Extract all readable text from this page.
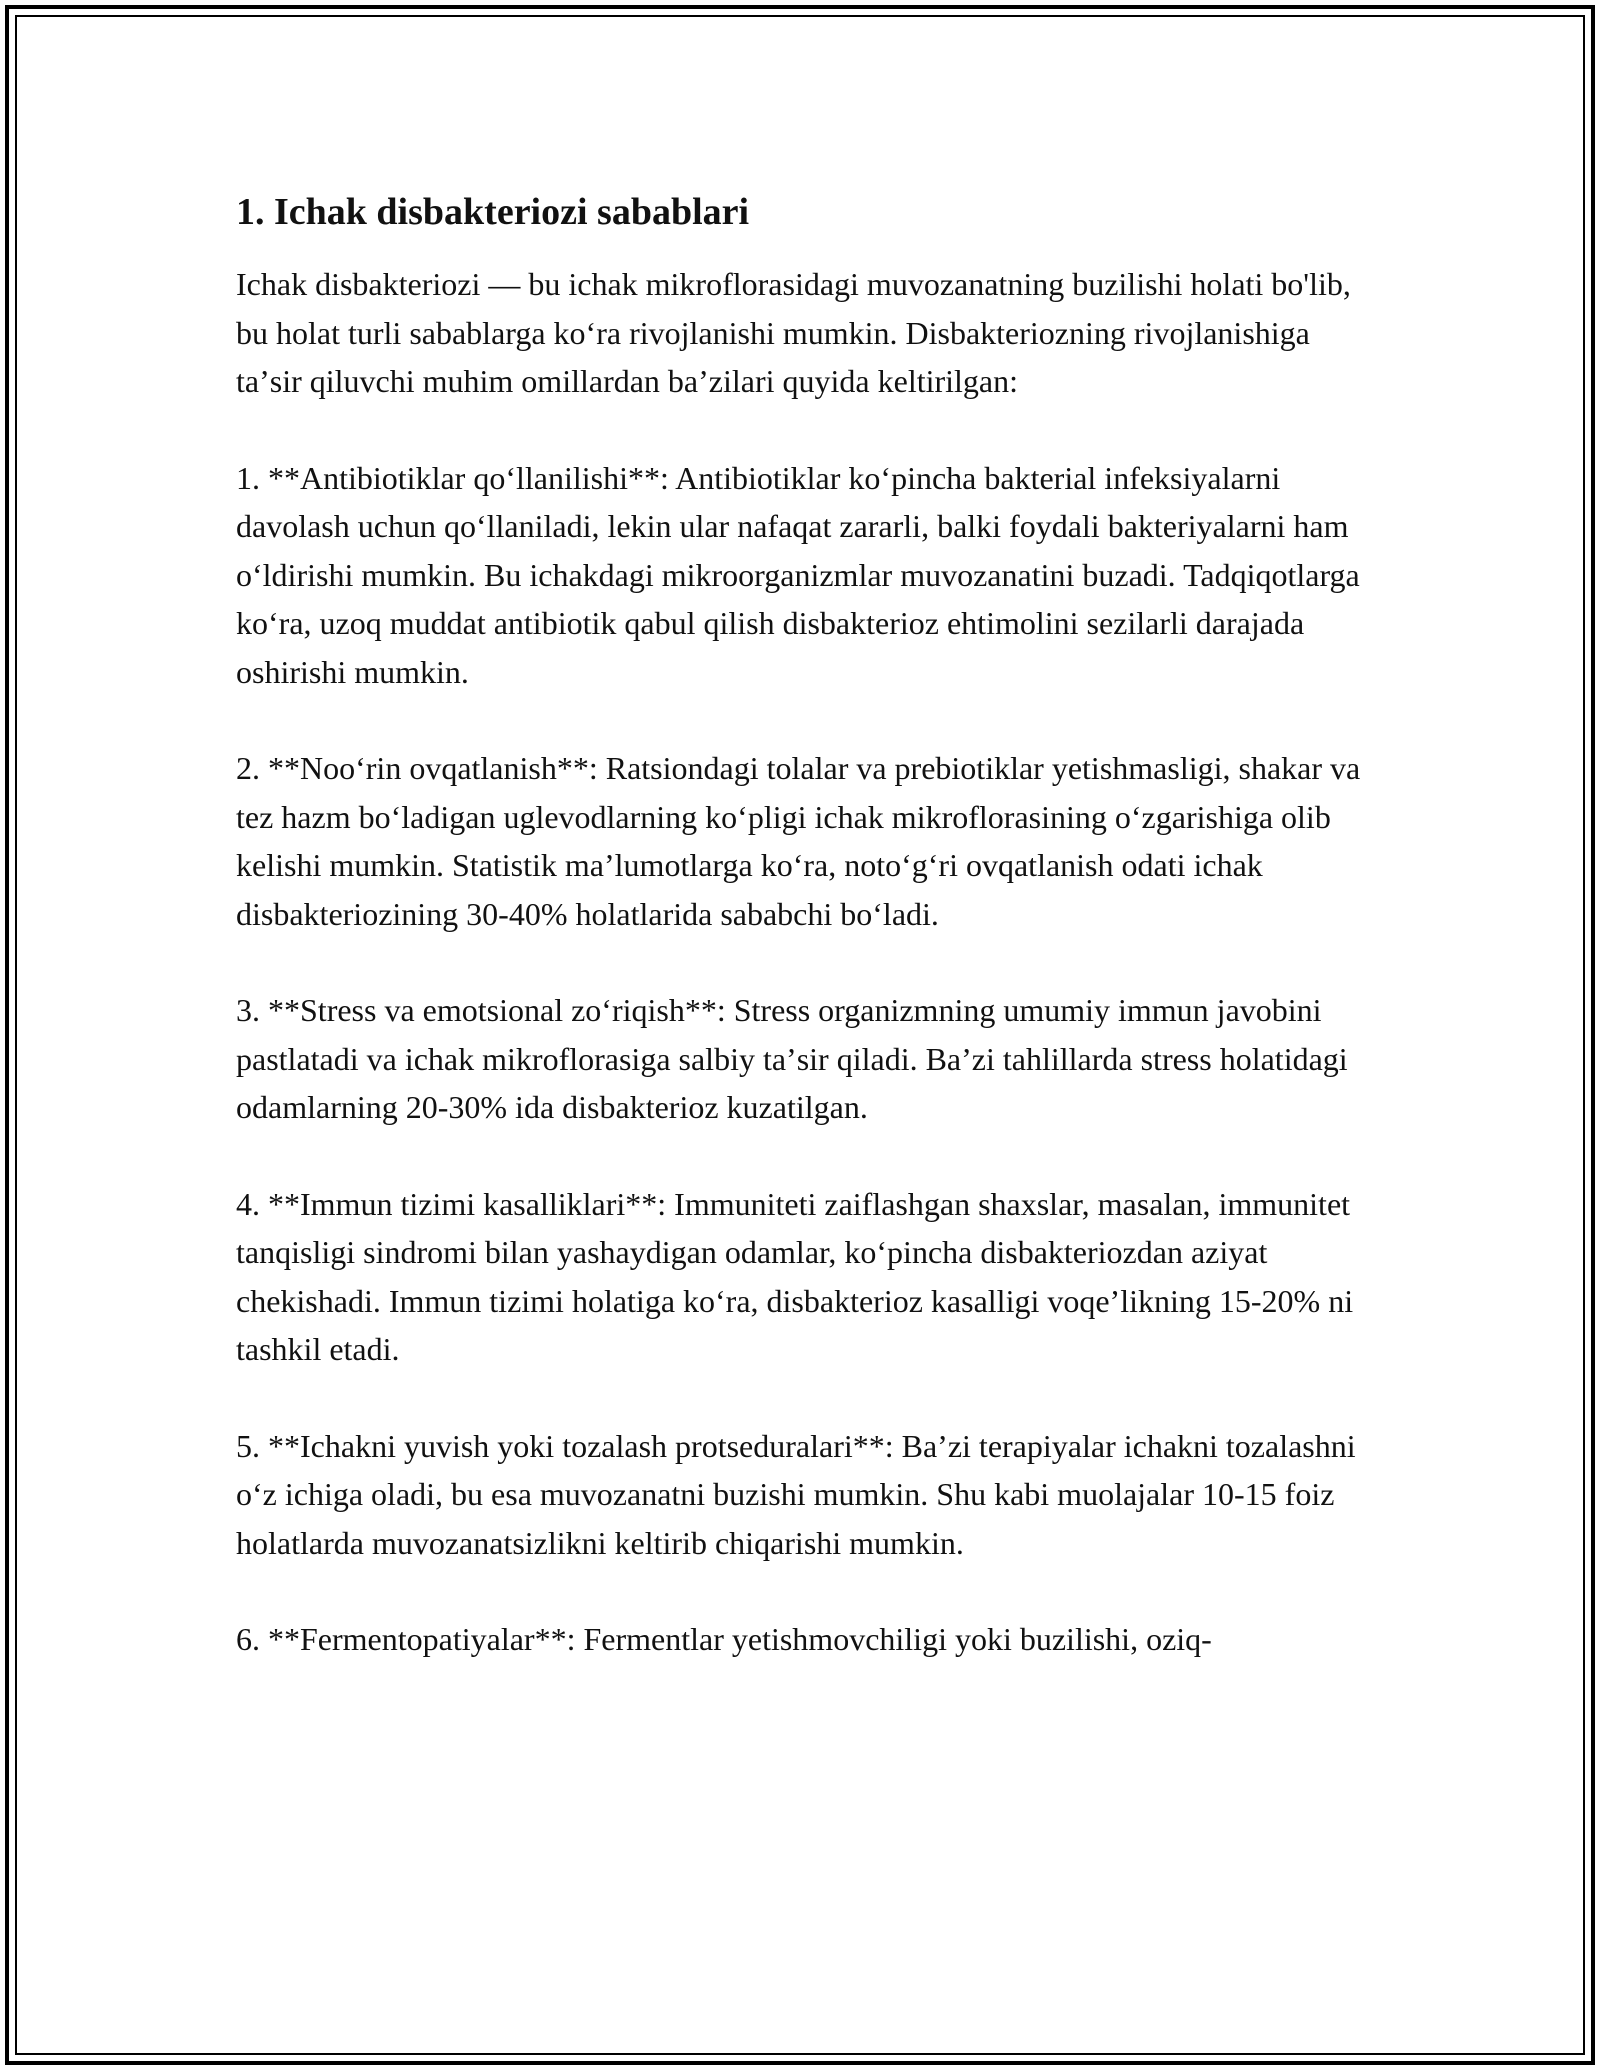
1. Ichak disbakteriozi sabablari

Ichak disbakteriozi — bu ichak mikroflorasidagi muvozanatning buzilishi holati bo'lib, bu holat turli sabablarga koʻra rivojlanishi mumkin. Disbakteriozning rivojlanishiga taʼsir qiluvchi muhim omillardan baʼzilari quyida keltirilgan:

1. **Antibiotiklar qoʻllanilishi**: Antibiotiklar koʻpincha bakterial infeksiyalarni davolash uchun qoʻllaniladi, lekin ular nafaqat zararli, balki foydali bakteriyalarni ham oʻldirishi mumkin. Bu ichakdagi mikroorganizmlar muvozanatini buzadi. Tadqiqotlarga koʻra, uzoq muddat antibiotik qabul qilish disbakterioz ehtimolini sezilarli darajada oshirishi mumkin.

2. **Nooʻrin ovqatlanish**: Ratsiondagi tolalar va prebiotiklar yetishmasligi, shakar va tez hazm boʻladigan uglevodlarning koʻpligi ichak mikroflorasining oʻzgarishiga olib kelishi mumkin. Statistik maʼlumotlarga koʻra, notoʻgʻri ovqatlanish odati ichak disbakteriozining 30-40% holatlarida sababchi boʻladi.

3. **Stress va emotsional zoʻriqish**: Stress organizmning umumiy immun javobini pastlatadi va ichak mikroflorasiga salbiy taʼsir qiladi. Baʼzi tahlillarda stress holatidagi odamlarning 20-30% ida disbakterioz kuzatilgan.

4. **Immun tizimi kasalliklari**: Immuniteti zaiflashgan shaxslar, masalan, immunitet tanqisligi sindromi bilan yashaydigan odamlar, koʻpincha disbakteriozdan aziyat chekishadi. Immun tizimi holatiga koʻra, disbakterioz kasalligi voqeʼlikning 15-20% ni tashkil etadi.

5. **Ichakni yuvish yoki tozalash protseduralari**: Baʼzi terapiyalar ichakni tozalashni oʻz ichiga oladi, bu esa muvozanatni buzishi mumkin. Shu kabi muolajalar 10-15 foiz holatlarda muvozanatsizlikni keltirib chiqarishi mumkin.

6. **Fermentopatiyalar**: Fermentlar yetishmovchiligi yoki buzilishi, oziq-
